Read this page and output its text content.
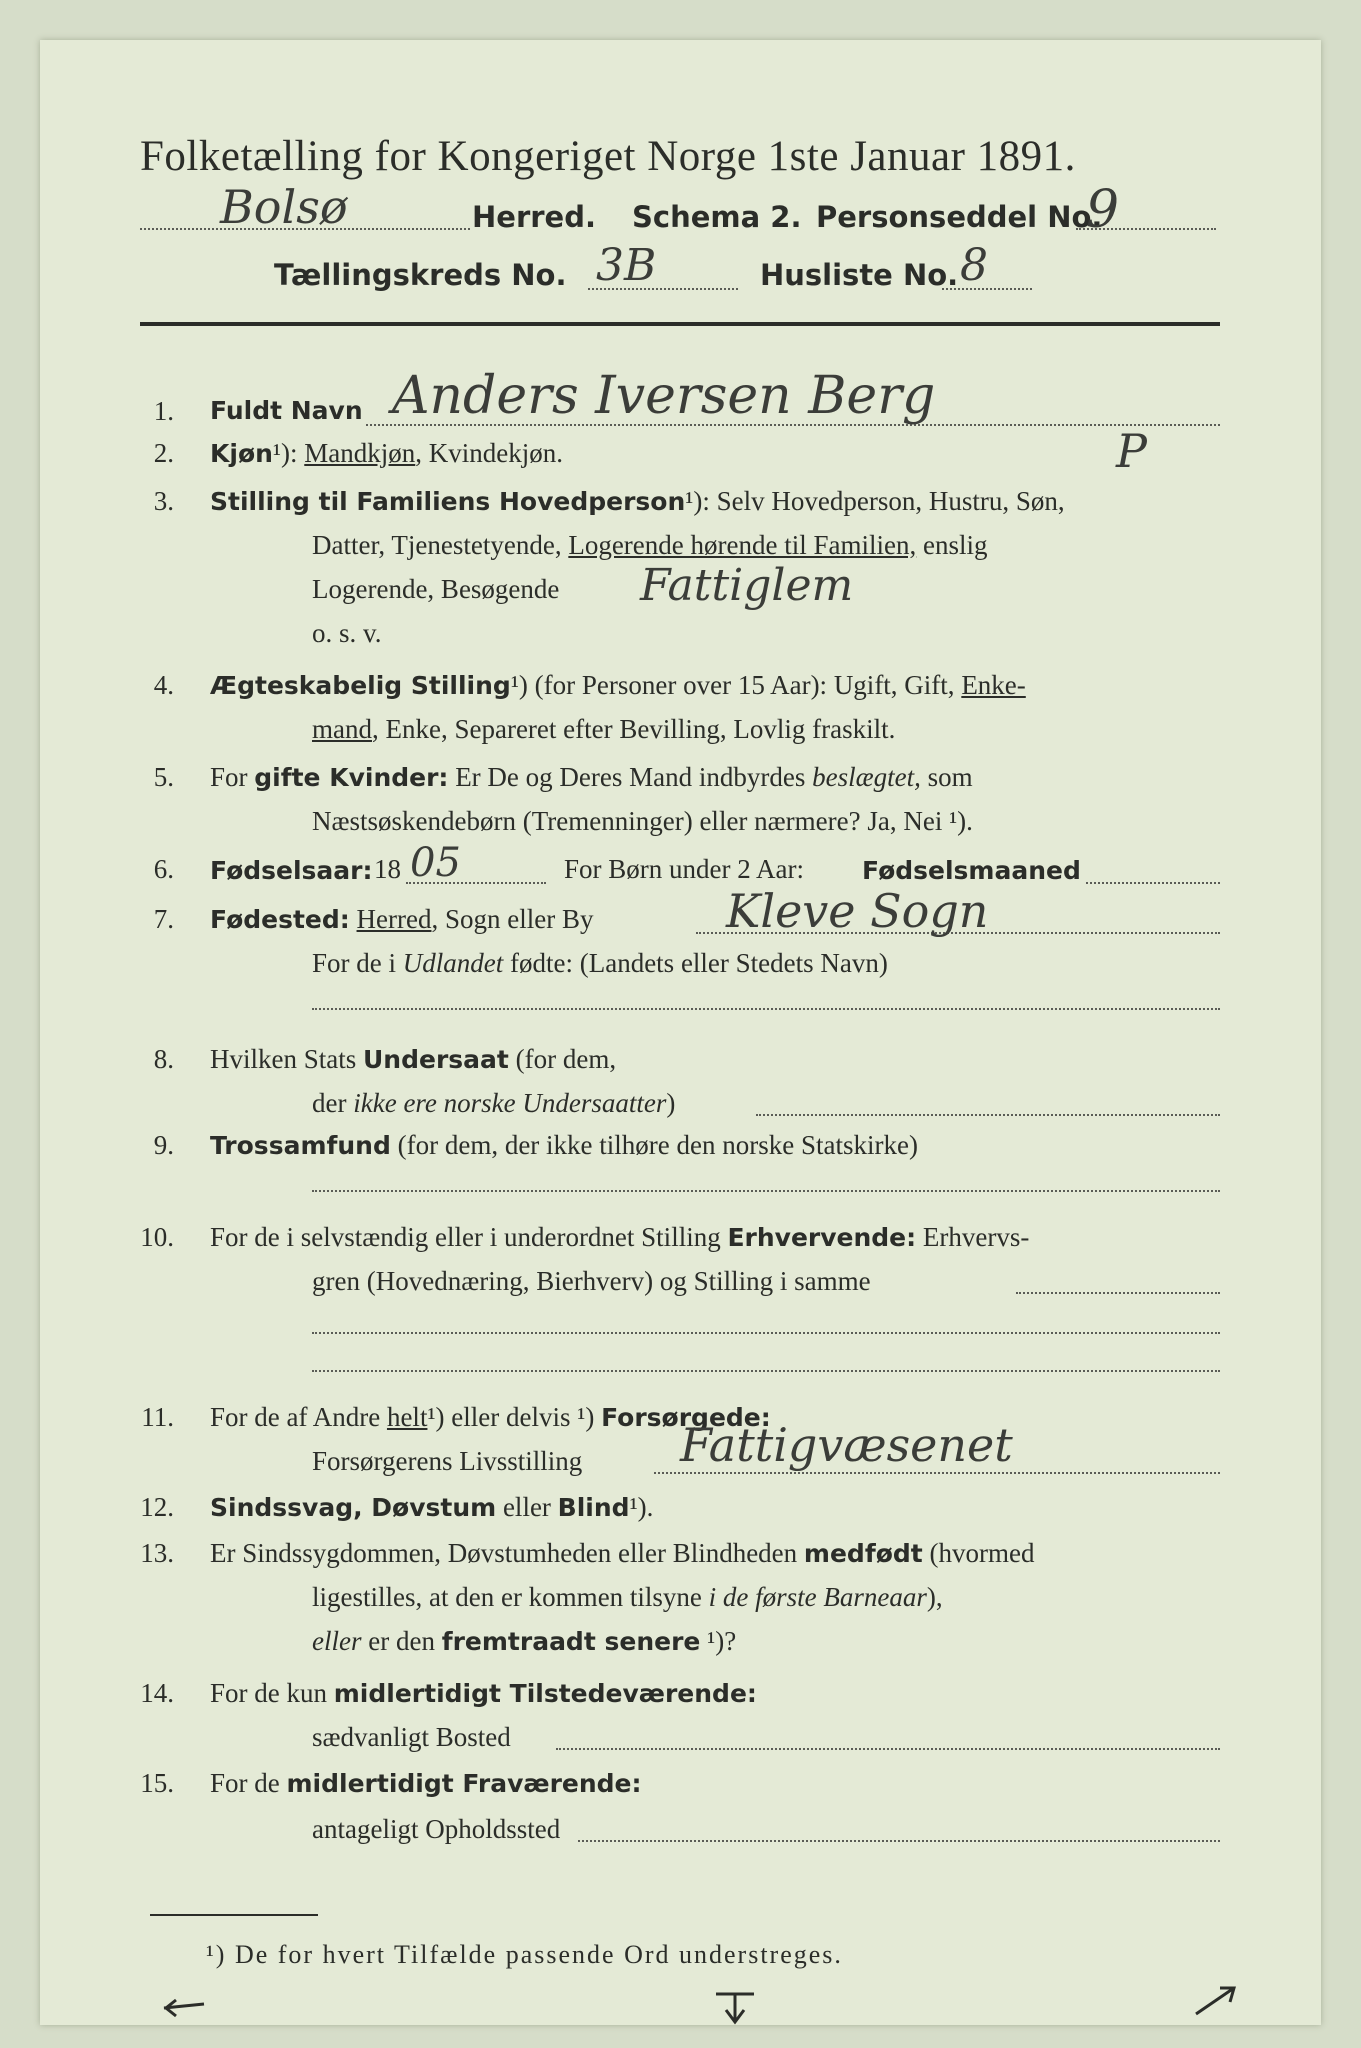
Folketælling for Kongeriget Norge 1ste Januar 1891.
Bolsø	Herred. Schema 2. Personseddel No.
9
Tællingskreds No. 3B	Husliste No. 8
1. Fuldt Navn Anders Iversen Berg
2. Kjøn¹): Mandkjøn, Kvindekjøn.	P
3. Stilling til Familiens Hovedperson¹): Selv Hovedperson, Hustru, Søn,
Datter, Tjenestetyende, Logerende hørende til Familien, enslig
Logerende, Besøgende Fattiglem
o. s. v.
4. Ægteskabelig Stilling¹) (for Personer over 15 Aar): Ugift, Gift, Enke-
mand, Enke, Separeret efter Bevilling, Lovlig fraskilt.
5. For gifte Kvinder: Er De og Deres Mand indbyrdes beslægtet, som
Næstsøskendebørn (Tremenninger) eller nærmere? Ja, Nei ¹).
6. Fødselsaar: 18 05	For Børn under 2 Aar: Fødselsmaaned
7. Fødested: Herred, Sogn eller By	Kleve Sogn
For de i Udlandet fødte: (Landets eller Stedets Navn)
8. Hvilken Stats Undersaat (for dem,
der ikke ere norske Undersaatter)
9. Trossamfund (for dem, der ikke tilhøre den norske Statskirke)
10. For de i selvstændig eller i underordnet Stilling Erhvervende: Erhvervs-
gren (Hovednæring, Bierhverv) og Stilling i samme
11. For de af Andre helt¹) eller delvis ¹) Forsørgede:
Forsørgerens Livsstilling Fattigvæsenet
12. Sindssvag, Døvstum eller Blind¹).
13. Er Sindssygdommen, Døvstumheden eller Blindheden medfødt (hvormed
ligestilles, at den er kommen tilsyne i de første Barneaar),
eller er den fremtraadt senere ¹)?
14. For de kun midlertidigt Tilstedeværende:
sædvanligt Bosted
15. For de midlertidigt Fraværende:
antageligt Opholdssted
¹) De for hvert Tilfælde passende Ord understreges.
